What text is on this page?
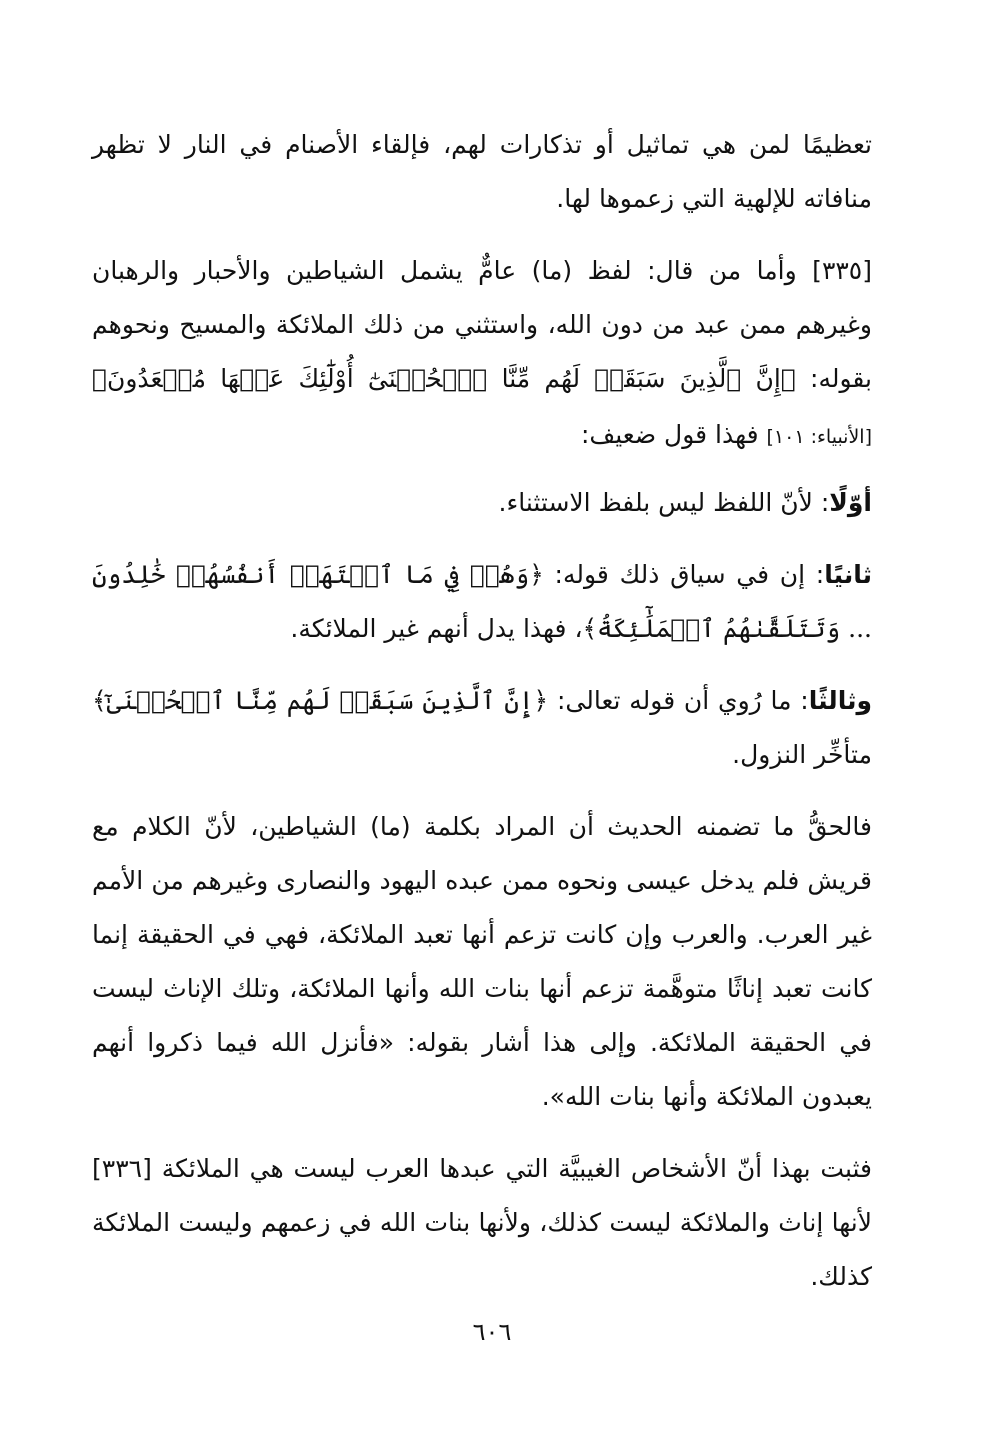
تعظيمًا لمن هي تماثيل أو تذكارات لهم، فإلقاء الأصنام في النار لا تظهر منافاته للإلهية التي زعموها لها.

[٣٣٥] وأما من قال: لفظ (ما) عامٌّ يشمل الشياطين والأحبار والرهبان وغيرهم ممن عبد من دون الله، واستثني من ذلك الملائكة والمسيح ونحوهم بقوله: ﴿إِنَّ ٱلَّذِينَ سَبَقَتۡ لَهُم مِّنَّا ٱلۡحُسۡنَىٰٓ أُوْلَٰٓئِكَ عَنۡهَا مُبۡعَدُونَ﴾ [الأنبياء: ١٠١] فهذا قول ضعيف:

أوّلًا: لأنّ اللفظ ليس بلفظ الاستثناء.

ثانيًا: إن في سياق ذلك قوله: ﴿وَهُمۡ فِي مَا ٱشۡتَهَتۡ أَنفُسُهُمۡ خَٰلِدُونَ ... وَتَتَلَقَّىٰهُمُ ٱلۡمَلَٰٓئِكَةُ﴾، فهذا يدل أنهم غير الملائكة.

وثالثًا: ما رُوي أن قوله تعالى: ﴿إِنَّ ٱلَّذِينَ سَبَقَتۡ لَهُم مِّنَّا ٱلۡحُسۡنَىٰٓ﴾ متأخِّر النزول.

فالحقُّ ما تضمنه الحديث أن المراد بكلمة (ما) الشياطين، لأنّ الكلام مع قريش فلم يدخل عيسى ونحوه ممن عبده اليهود والنصارى وغيرهم من الأمم غير العرب. والعرب وإن كانت تزعم أنها تعبد الملائكة، فهي في الحقيقة إنما كانت تعبد إناثًا متوهَّمة تزعم أنها بنات الله وأنها الملائكة، وتلك الإناث ليست في الحقيقة الملائكة. وإلى هذا أشار بقوله: «فأنزل الله فيما ذكروا أنهم يعبدون الملائكة وأنها بنات الله».

فثبت بهذا أنّ الأشخاص الغيبيَّة التي عبدها العرب ليست هي الملائكة [٣٣٦] لأنها إناث والملائكة ليست كذلك، ولأنها بنات الله في زعمهم وليست الملائكة كذلك.

٦٠٦
